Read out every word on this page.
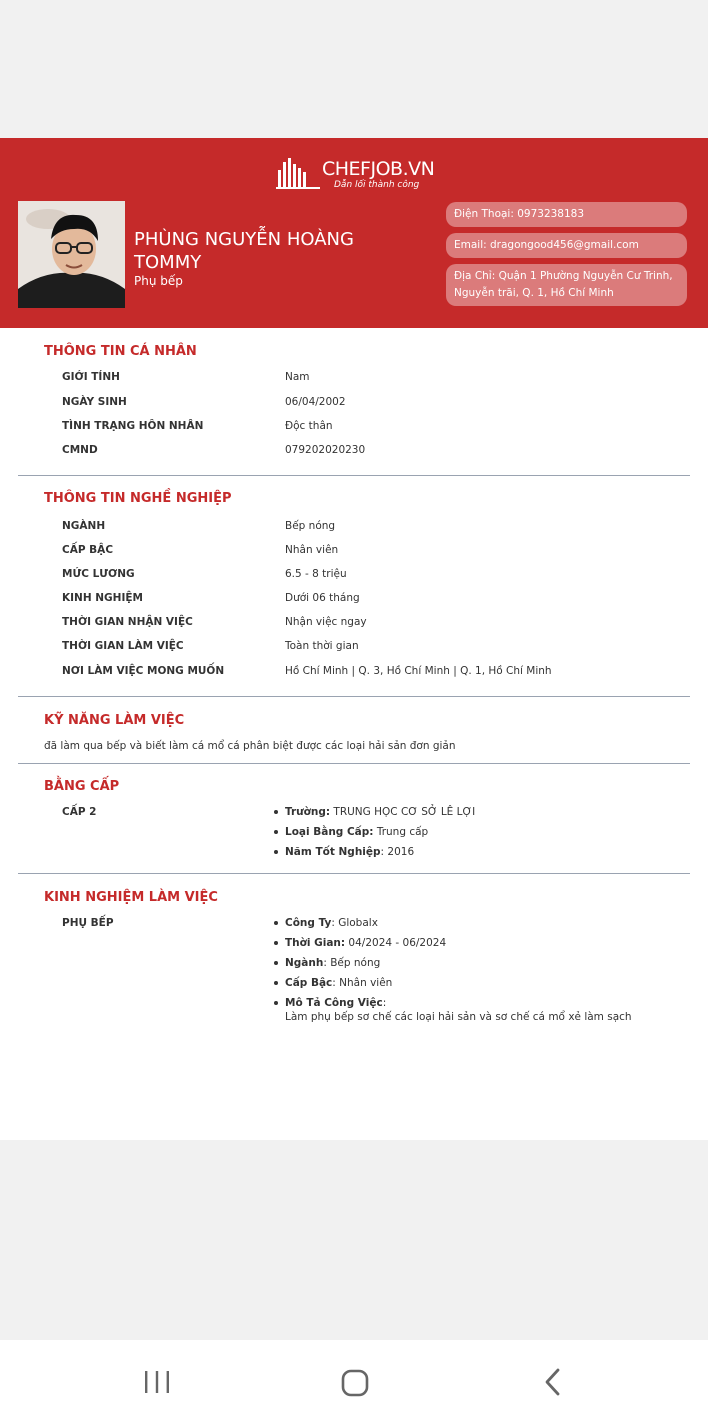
CHEFJOB.VN
Dẫn lối thành công
PHÙNG NGUYỄN HOÀNG
TOMMY
Phụ bếp
Điện Thoại: 0973238183
Email: dragongood456@gmail.com
Địa Chỉ: Quận 1 Phường Nguyễn Cư Trinh,
Nguyễn trãi, Q. 1, Hồ Chí Minh
THÔNG TIN CÁ NHÂN
GIỚI TÍNH	Nam
NGÀY SINH	06/04/2002
TÌNH TRẠNG HÔN NHÂN	Độc thân
CMND	079202020230
THÔNG TIN NGHỀ NGHIỆP
NGÀNH	Bếp nóng
CẤP BẬC	Nhân viên
MỨC LƯƠNG	6.5 - 8 triệu
KINH NGHIỆM	Dưới 06 tháng
THỜI GIAN NHẬN VIỆC	Nhận việc ngay
THỜI GIAN LÀM VIỆC	Toàn thời gian
NƠI LÀM VIỆC MONG MUỐN	Hồ Chí Minh | Q. 3, Hồ Chí Minh | Q. 1, Hồ Chí Minh
KỸ NĂNG LÀM VIỆC
đã làm qua bếp và biết làm cá mổ cá phân biệt được các loại hải sản đơn giản
BẰNG CẤP
CẤP 2	Trường: TRUNG HỌC CƠ SỞ LÊ LỢI
Loại Bằng Cấp: Trung cấp
Năm Tốt Nghiệp: 2016
KINH NGHIỆM LÀM VIỆC
PHỤ BẾP	Công Ty: Globalx
Thời Gian: 04/2024 - 06/2024
Ngành: Bếp nóng
Cấp Bậc: Nhân viên
Mô Tả Công Việc:
Làm phụ bếp sơ chế các loại hải sản và sơ chế cá mổ xẻ làm sạch
